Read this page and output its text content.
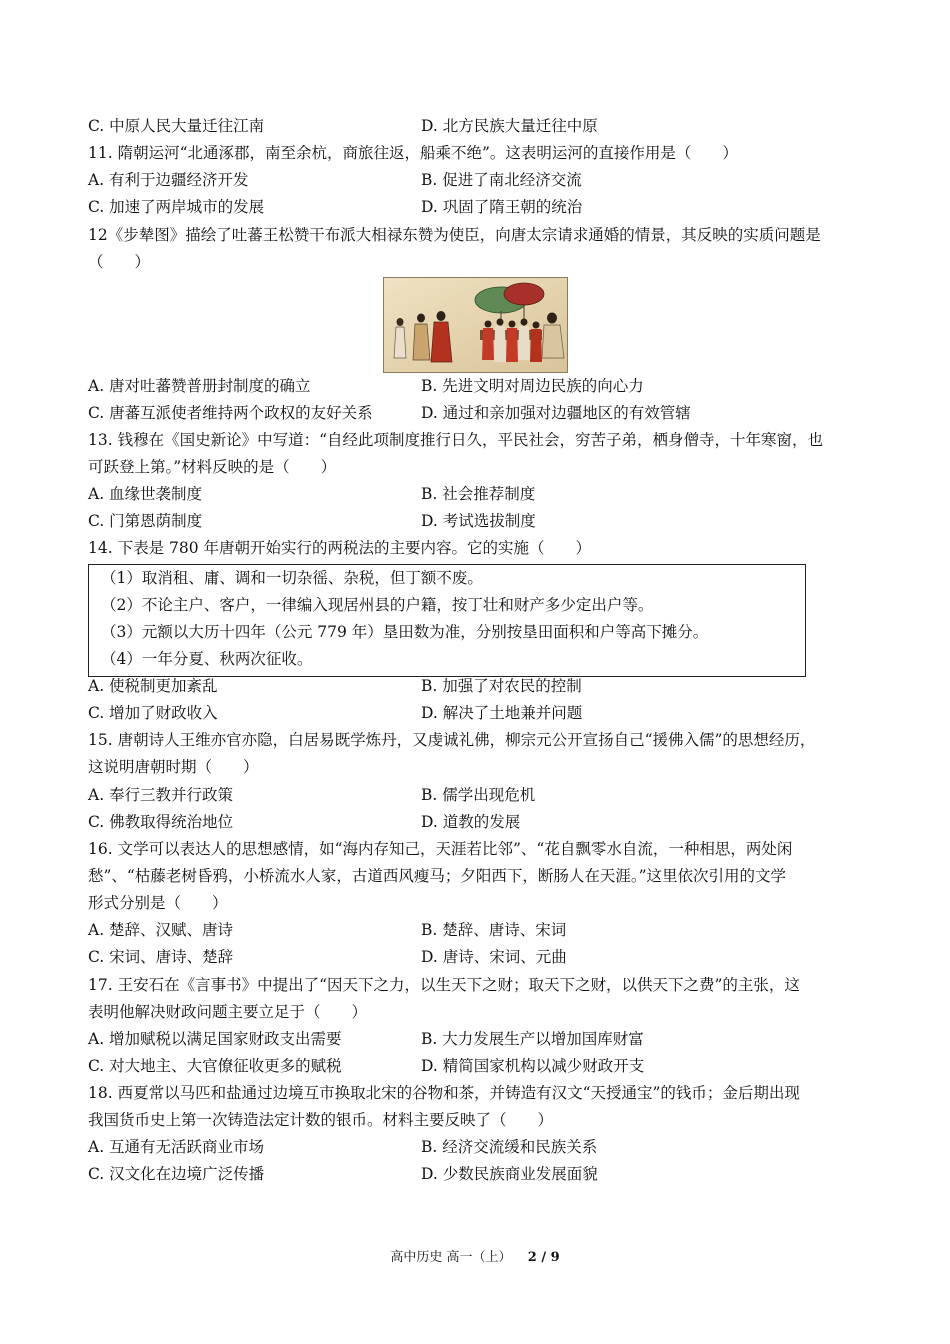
C. 中原人民大量迁往江南	D. 北方民族大量迁往中原
11. 隋朝运河“北通涿郡，南至余杭，商旅往返，船乘不绝”。这表明运河的直接作用是（　　）
A. 有利于边疆经济开发	B. 促进了南北经济交流
C. 加速了两岸城市的发展	D. 巩固了隋王朝的统治
12《步辇图》描绘了吐蕃王松赞干布派大相禄东赞为使臣，向唐太宗请求通婚的情景，其反映的实质问题是
（　　）
A. 唐对吐蕃赞普册封制度的确立	B. 先进文明对周边民族的向心力
C. 唐蕃互派使者维持两个政权的友好关系	D. 通过和亲加强对边疆地区的有效管辖
13. 钱穆在《国史新论》中写道：“自经此项制度推行日久，平民社会，穷苦子弟，栖身僧寺，十年寒窗，也
可跃登上第。”材料反映的是（　　）
A. 血缘世袭制度	B. 社会推荐制度
C. 门第恩荫制度	D. 考试选拔制度
14. 下表是 780 年唐朝开始实行的两税法的主要内容。它的实施（　　）
（1）取消租、庸、调和一切杂徭、杂税，但丁额不废。
（2）不论主户、客户，一律编入现居州县的户籍，按丁壮和财产多少定出户等。
（3）元额以大历十四年（公元 779 年）垦田数为准，分别按垦田面积和户等高下摊分。
（4）一年分夏、秋两次征收。
A. 使税制更加紊乱	B. 加强了对农民的控制
C. 增加了财政收入	D. 解决了土地兼并问题
15. 唐朝诗人王维亦官亦隐，白居易既学炼丹，又虔诚礼佛，柳宗元公开宣扬自己“援佛入儒”的思想经历，
这说明唐朝时期（　　）
A. 奉行三教并行政策	B. 儒学出现危机
C. 佛教取得统治地位	D. 道教的发展
16. 文学可以表达人的思想感情，如“海内存知己，天涯若比邻”、“花自飘零水自流，一种相思，两处闲
愁”、“枯藤老树昏鸦，小桥流水人家，古道西风瘦马；夕阳西下，断肠人在天涯。”这里依次引用的文学
形式分别是（　　）
A. 楚辞、汉赋、唐诗	B. 楚辞、唐诗、宋词
C. 宋词、唐诗、楚辞	D. 唐诗、宋词、元曲
17. 王安石在《言事书》中提出了“因天下之力，以生天下之财；取天下之财，以供天下之费”的主张，这
表明他解决财政问题主要立足于（　　）
A. 增加赋税以满足国家财政支出需要	B. 大力发展生产以增加国库财富
C. 对大地主、大官僚征收更多的赋税	D. 精简国家机构以减少财政开支
18. 西夏常以马匹和盐通过边境互市换取北宋的谷物和茶，并铸造有汉文“天授通宝”的钱币；金后期出现
我国货币史上第一次铸造法定计数的银币。材料主要反映了（　　）
A. 互通有无活跃商业市场	B. 经济交流缓和民族关系
C. 汉文化在边境广泛传播	D. 少数民族商业发展面貌
高中历史 高一（上） 2 / 9
